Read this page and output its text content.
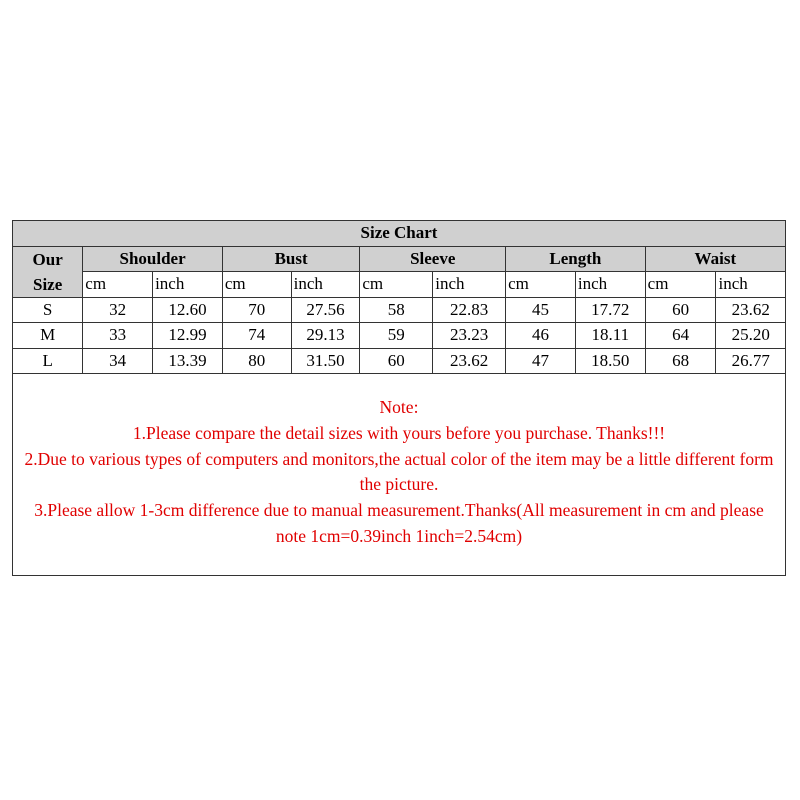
Size Chart										
Our
Size	Shoulder		Bust		Sleeve		Length		Waist	
	cm	inch	cm	inch	cm	inch	cm	inch	cm	inch
S	32	12.60	70	27.56	58	22.83	45	17.72	60	23.62
M	33	12.99	74	29.13	59	23.23	46	18.11	64	25.20
L	34	13.39	80	31.50	60	23.62	47	18.50	68	26.77
Note:
1.Please compare the detail sizes with yours before you purchase. Thanks!!!
2.Due to various types of computers and monitors,the actual color of the item may be a little different form the picture.
3.Please allow 1-3cm difference due to manual measurement.Thanks(All measurement in cm and please note 1cm=0.39inch 1inch=2.54cm)
